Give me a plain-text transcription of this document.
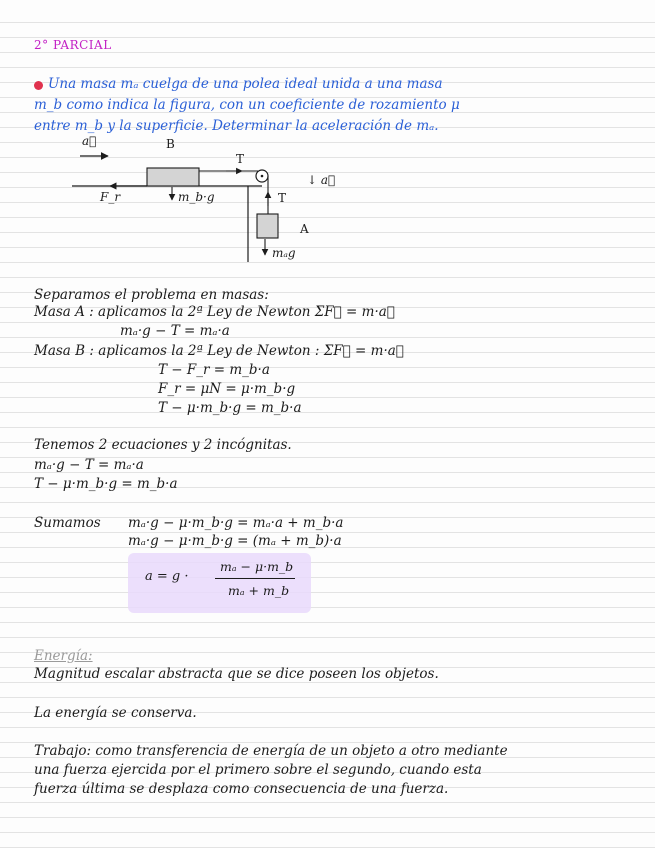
2° PARCIAL
Una masa mₐ cuelga de una polea ideal unida a una masa
m_b como indica la figura, con un coeficiente de rozamiento μ
entre m_b y la superficie. Determinar la aceleración de mₐ.
a⃗	B
T
F_r	m_b·g	T
↓ a⃗
A
mₐg
Separamos el problema en masas:
Masa A : aplicamos la 2ª Ley de Newton ΣF⃗ = m·a⃗
mₐ·g − T = mₐ·a
Masa B : aplicamos la 2ª Ley de Newton : ΣF⃗ = m·a⃗
T − F_r = m_b·a
F_r = μN = μ·m_b·g
T − μ·m_b·g = m_b·a
Tenemos 2 ecuaciones y 2 incógnitas.
mₐ·g − T = mₐ·a
T − μ·m_b·g = m_b·a
Sumamos mₐ·g − μ·m_b·g = mₐ·a + m_b·a
mₐ·g − μ·m_b·g = (mₐ + m_b)·a
a = g ·
mₐ − μ·m_b
mₐ + m_b
Energía:
Magnitud escalar abstracta que se dice poseen los objetos.
La energía se conserva.
Trabajo: como transferencia de energía de un objeto a otro mediante
una fuerza ejercida por el primero sobre el segundo, cuando esta
fuerza última se desplaza como consecuencia de una fuerza.
